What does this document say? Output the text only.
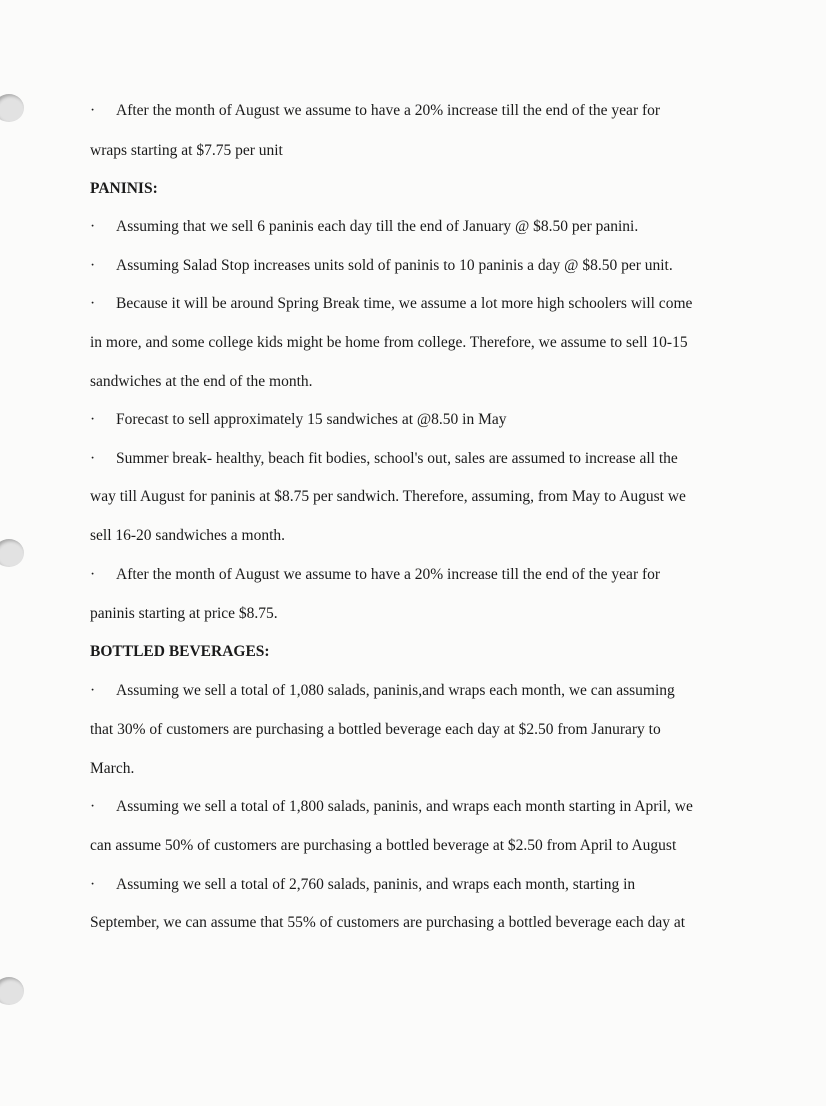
· After the month of August we assume to have a 20% increase till the end of the year for
wraps starting at $7.75 per unit
PANINIS:
· Assuming that we sell 6 paninis each day till the end of January @ $8.50 per panini.
· Assuming Salad Stop increases units sold of paninis to 10 paninis a day @ $8.50 per unit.
· Because it will be around Spring Break time, we assume a lot more high schoolers will come
in more, and some college kids might be home from college. Therefore, we assume to sell 10-15
sandwiches at the end of the month.
· Forecast to sell approximately 15 sandwiches at @8.50 in May
· Summer break- healthy, beach fit bodies, school's out, sales are assumed to increase all the
way till August for paninis at $8.75 per sandwich. Therefore, assuming, from May to August we
sell 16-20 sandwiches a month.
· After the month of August we assume to have a 20% increase till the end of the year for
paninis starting at price $8.75.
BOTTLED BEVERAGES:
· Assuming we sell a total of 1,080 salads, paninis,and wraps each month, we can assuming
that 30% of customers are purchasing a bottled beverage each day at $2.50 from Janurary to
March.
· Assuming we sell a total of 1,800 salads, paninis, and wraps each month starting in April, we
can assume 50% of customers are purchasing a bottled beverage at $2.50 from April to August
· Assuming we sell a total of 2,760 salads, paninis, and wraps each month, starting in
September, we can assume that 55% of customers are purchasing a bottled beverage each day at
